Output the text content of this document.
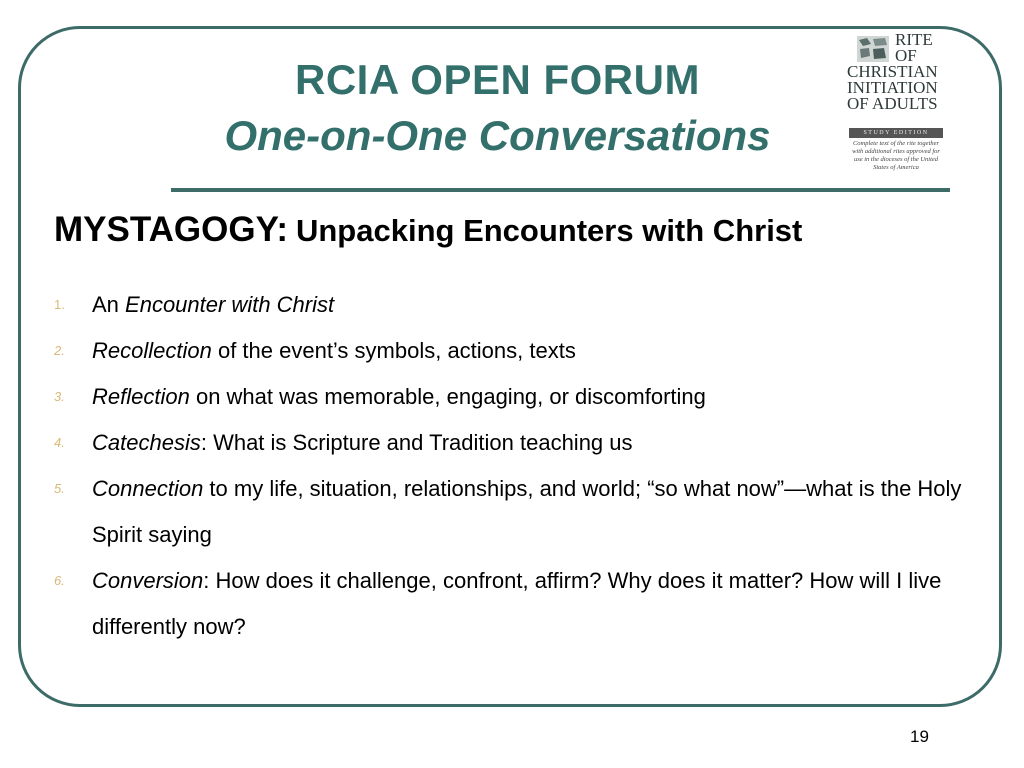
RCIA OPEN FORUM
One-on-One Conversations
RITE
OF
CHRISTIAN
INITIATION
OF ADULTS
STUDY EDITION
Complete text of the rite together with additional rites approved for use in the dioceses of the United States of America
MYSTAGOGY: Unpacking Encounters with Christ
1. An Encounter with Christ
2. Recollection of the event’s symbols, actions, texts
3. Reflection on what was memorable, engaging, or discomforting
4. Catechesis: What is Scripture and Tradition teaching us
5. Connection to my life, situation, relationships, and world; “so what now”—what is the Holy Spirit saying
6. Conversion: How does it challenge, confront, affirm? Why does it matter? How will I live differently now?
19
